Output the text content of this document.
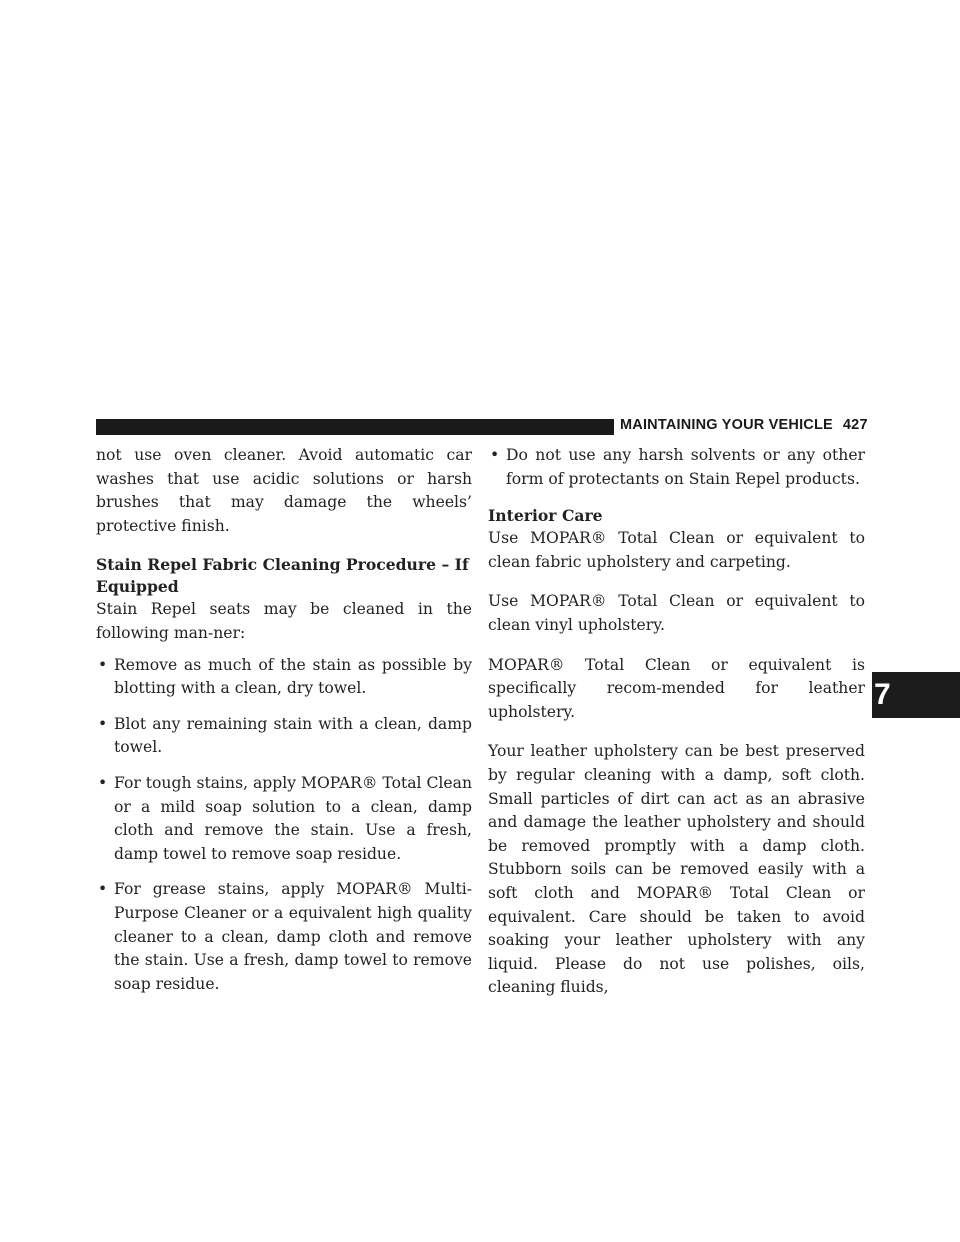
MAINTAINING YOUR VEHICLE 427

not use oven cleaner. Avoid automatic car washes that use acidic solutions or harsh brushes that may damage the wheels’ protective finish.

Stain Repel Fabric Cleaning Procedure – If
Equipped

Stain Repel seats may be cleaned in the following man-ner:

• Remove as much of the stain as possible by blotting with a clean, dry towel.
• Blot any remaining stain with a clean, damp towel.
• For tough stains, apply MOPAR® Total Clean or a mild soap solution to a clean, damp cloth and remove the stain. Use a fresh, damp towel to remove soap residue.
• For grease stains, apply MOPAR® Multi-Purpose Cleaner or a equivalent high quality cleaner to a clean, damp cloth and remove the stain. Use a fresh, damp towel to remove soap residue.
• Do not use any harsh solvents or any other form of protectants on Stain Repel products.
Interior Care

Use MOPAR® Total Clean or equivalent to clean fabric upholstery and carpeting.

Use MOPAR® Total Clean or equivalent to clean vinyl upholstery.

MOPAR® Total Clean or equivalent is specifically recom-mended for leather upholstery.

Your leather upholstery can be best preserved by regular cleaning with a damp, soft cloth. Small particles of dirt can act as an abrasive and damage the leather upholstery and should be removed promptly with a damp cloth. Stubborn soils can be removed easily with a soft cloth and MOPAR® Total Clean or equivalent. Care should be taken to avoid soaking your leather upholstery with any liquid. Please do not use polishes, oils, cleaning fluids,

7
